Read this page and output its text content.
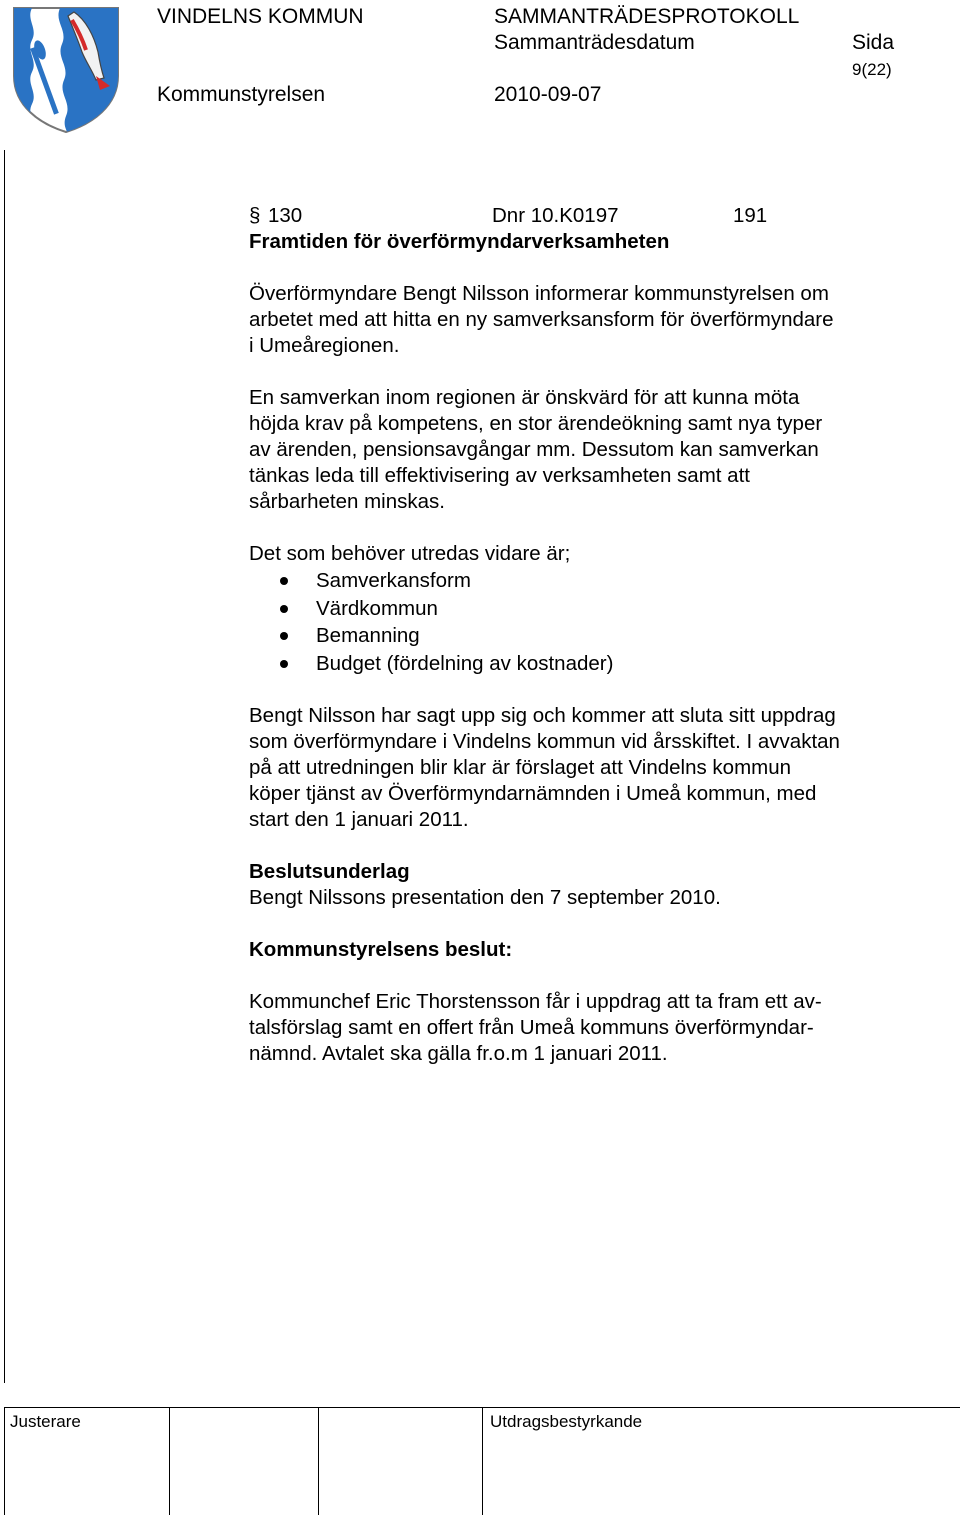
VINDELNS KOMMUN	SAMMANTRÄDESPROTOKOLL
Sammanträdesdatum	Sida
9(22)
Kommunstyrelsen	2010-09-07
§ 130	Dnr 10.K0197	191
Framtiden för överförmyndarverksamheten
Överförmyndare Bengt Nilsson informerar kommunstyrelsen om
arbetet med att hitta en ny samverksansform för överförmyndare
i Umeåregionen.
En samverkan inom regionen är önskvärd för att kunna möta
höjda krav på kompetens, en stor ärendeökning samt nya typer
av ärenden, pensionsavgångar mm. Dessutom kan samverkan
tänkas leda till effektivisering av verksamheten samt att
sårbarheten minskas.
Det som behöver utredas vidare är;
Samverkansform
Värdkommun
Bemanning
Budget (fördelning av kostnader)
Bengt Nilsson har sagt upp sig och kommer att sluta sitt uppdrag
som överförmyndare i Vindelns kommun vid årsskiftet. I avvaktan
på att utredningen blir klar är förslaget att Vindelns kommun
köper tjänst av Överförmyndarnämnden i Umeå kommun, med
start den 1 januari 2011.
Beslutsunderlag
Bengt Nilssons presentation den 7 september 2010.
Kommunstyrelsens beslut:
Kommunchef Eric Thorstensson får i uppdrag att ta fram ett av-
talsförslag samt en offert från Umeå kommuns överförmyndar-
nämnd. Avtalet ska gälla fr.o.m 1 januari 2011.
Justerare	Utdragsbestyrkande
